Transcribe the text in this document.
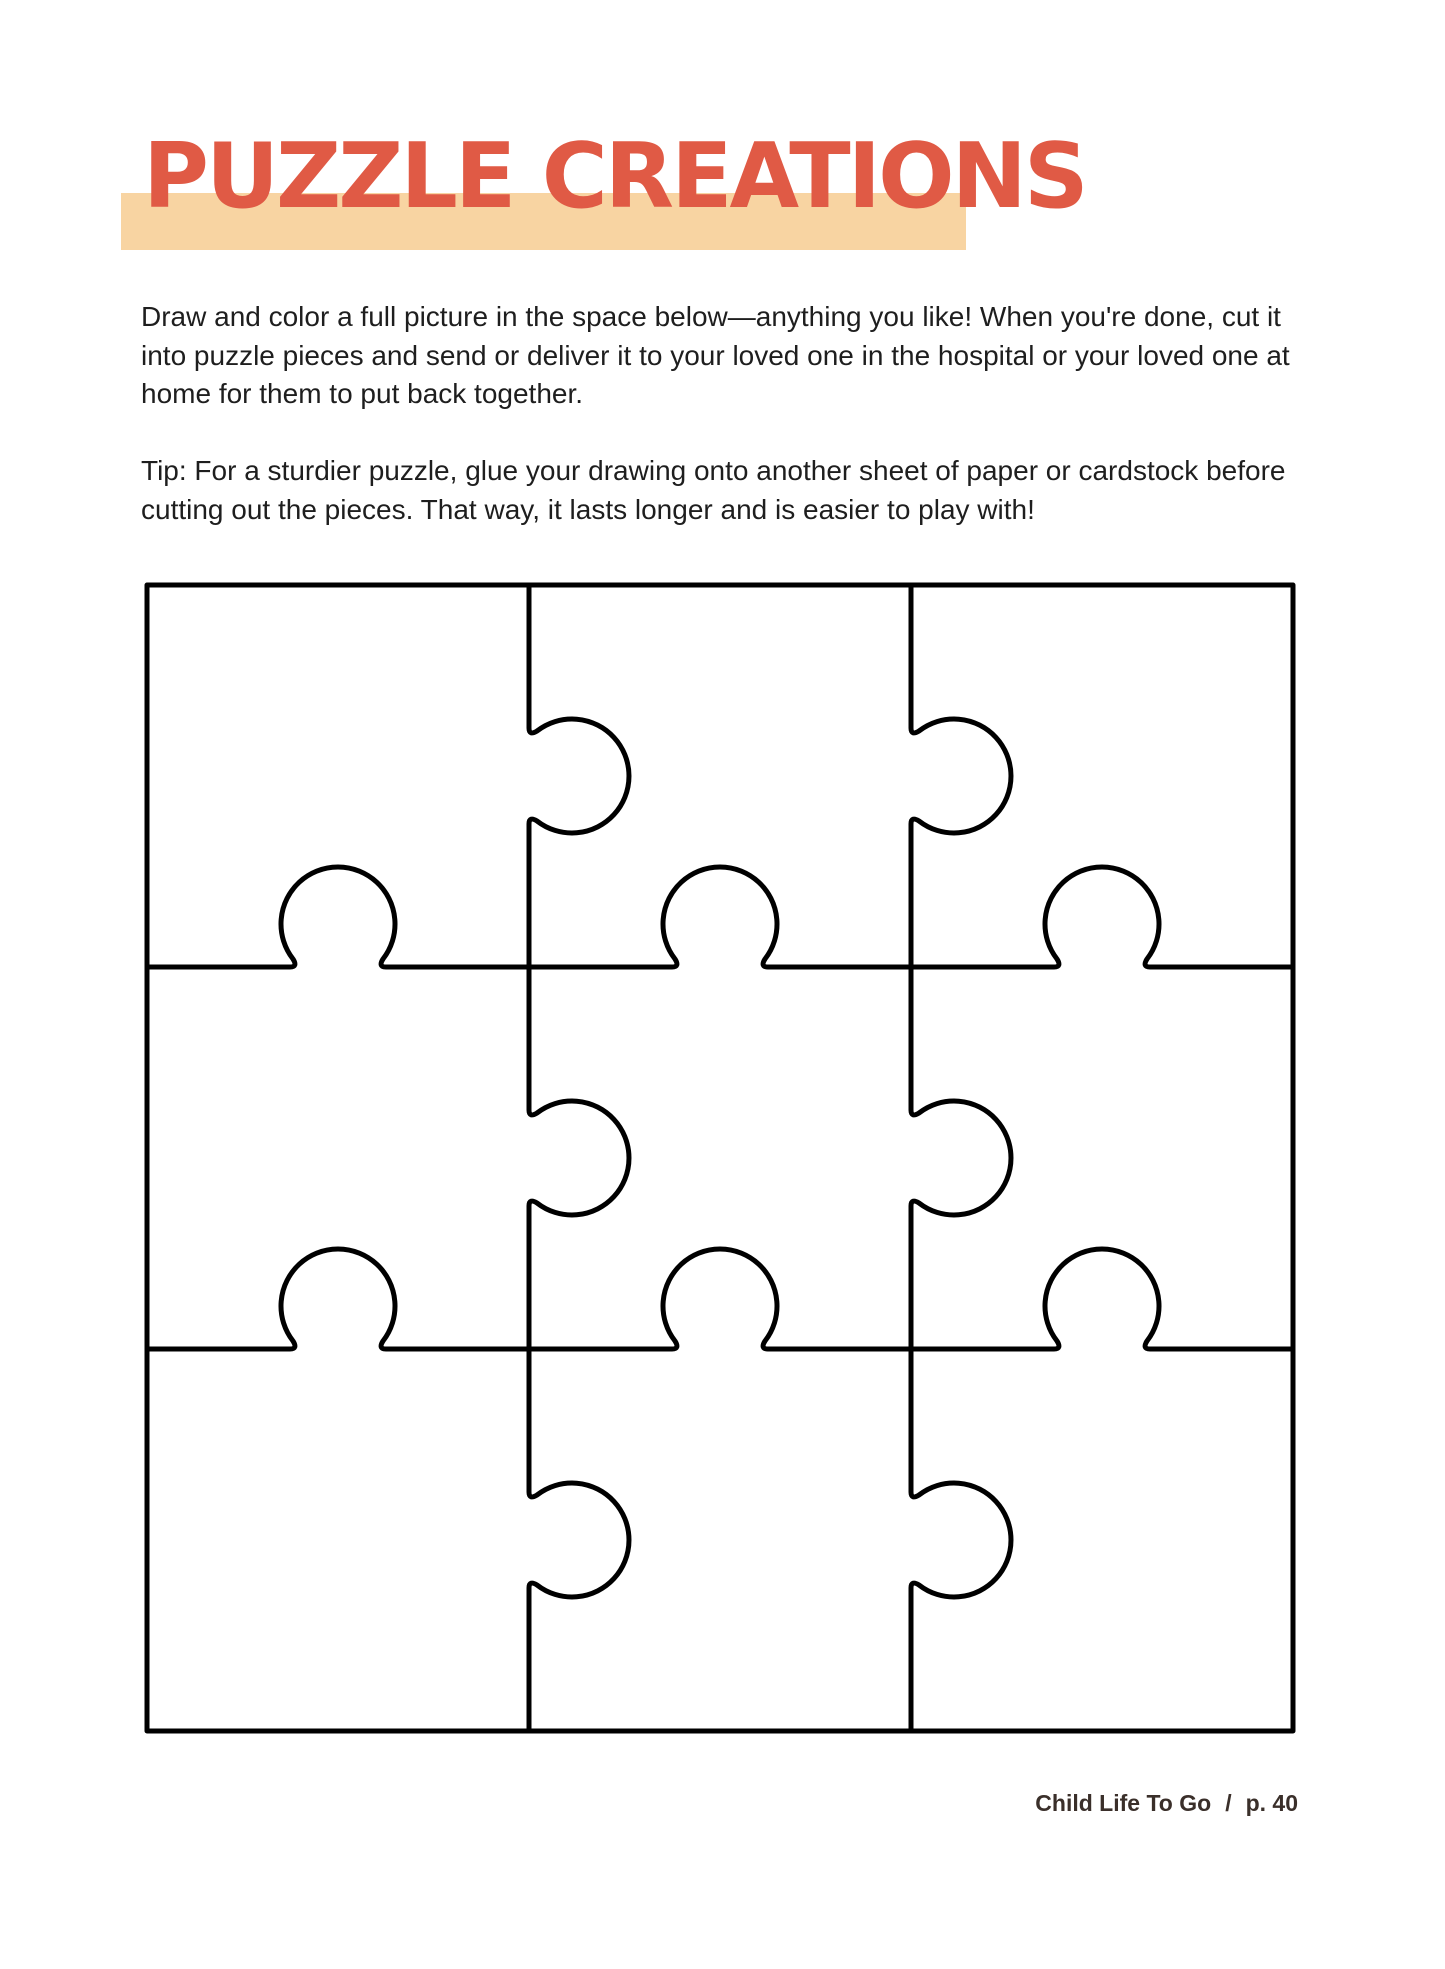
PUZZLE CREATIONS

Draw and color a full picture in the space below—anything you like! When you're done, cut it into puzzle pieces and send or deliver it to your loved one in the hospital or your loved one at home for them to put back together.

Tip: For a sturdier puzzle, glue your drawing onto another sheet of paper or cardstock before cutting out the pieces. That way, it lasts longer and is easier to play with!

Child Life To Go / p. 40
